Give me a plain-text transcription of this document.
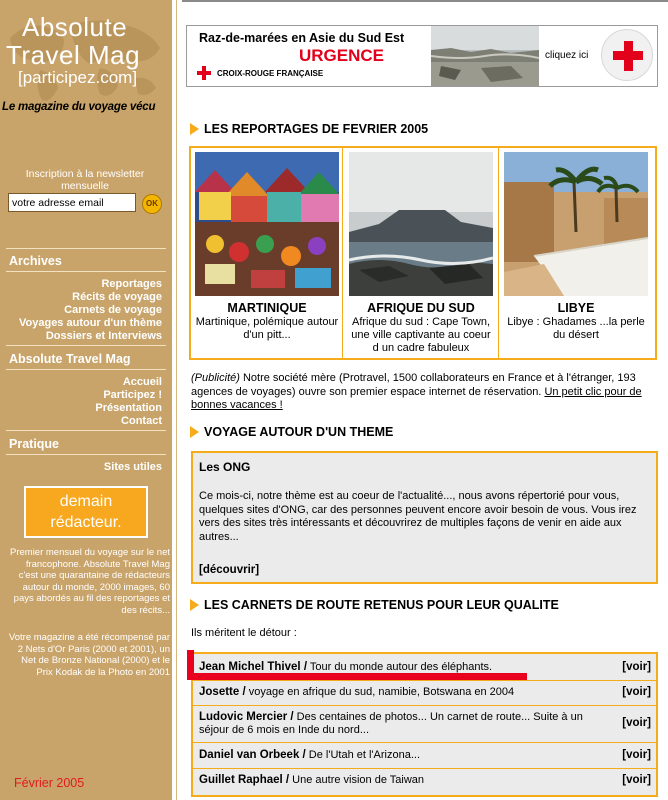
Absolute
Travel Mag
[participez.com]
Le magazine du voyage vécu
Inscription à la newsletter mensuelle
votre adresse email
OK
Archives
Reportages
Récits de voyage
Carnets de voyage
Voyages autour d'un thème
Dossiers et Interviews
Absolute Travel Mag
Accueil
Participez !
Présentation
Contact
Pratique
Sites utiles
demain
rédacteur.
Premier mensuel du voyage sur le net francophone. Absolute Travel Mag c'est une quarantaine de rédacteurs autour du monde, 2000 images, 60 pays abordés au fil des reportages et des récits...
Votre magazine a été récompensé par 2 Nets d'Or Paris (2000 et 2001), un Net de Bronze National (2000) et le Prix Kodak de la Photo en 2001
Février 2005
Raz-de-marées en Asie du Sud Est
URGENCE
CROIX-ROUGE FRANÇAISE
cliquez ici
LES REPORTAGES DE FEVRIER 2005
MARTINIQUE
Martinique, polémique autour d'un pitt...
AFRIQUE DU SUD
Afrique du sud : Cape Town, une ville captivante au coeur d un cadre fabuleux
LIBYE
Libye : Ghadames ...la perle du désert
(Publicité) Notre société mère (Protravel, 1500 collaborateurs en France et à l'étranger, 193 agences de voyages) ouvre son premier espace internet de réservation. Un petit clic pour de bonnes vacances !
VOYAGE AUTOUR D'UN THEME
Les ONG
Ce mois-ci, notre thème est au coeur de l'actualité..., nous avons répertorié pour vous, quelques sites d'ONG, car des personnes peuvent encore avoir besoin de vous. Vous irez vers des sites très intéressants et découvrirez de multiples façons de venir en aide aux autres...
[découvrir]
LES CARNETS DE ROUTE RETENUS POUR LEUR QUALITE
Ils méritent le détour :
Jean Michel Thivel / Tour du monde autour des éléphants.	[voir]
Josette / voyage en afrique du sud, namibie, Botswana en 2004	[voir]
Ludovic Mercier / Des centaines de photos... Un carnet de route... Suite à un séjour de 6 mois en Inde du nord...
[voir]
Daniel van Orbeek / De l'Utah et l'Arizona...	[voir]
Guillet Raphael / Une autre vision de Taiwan	[voir]
